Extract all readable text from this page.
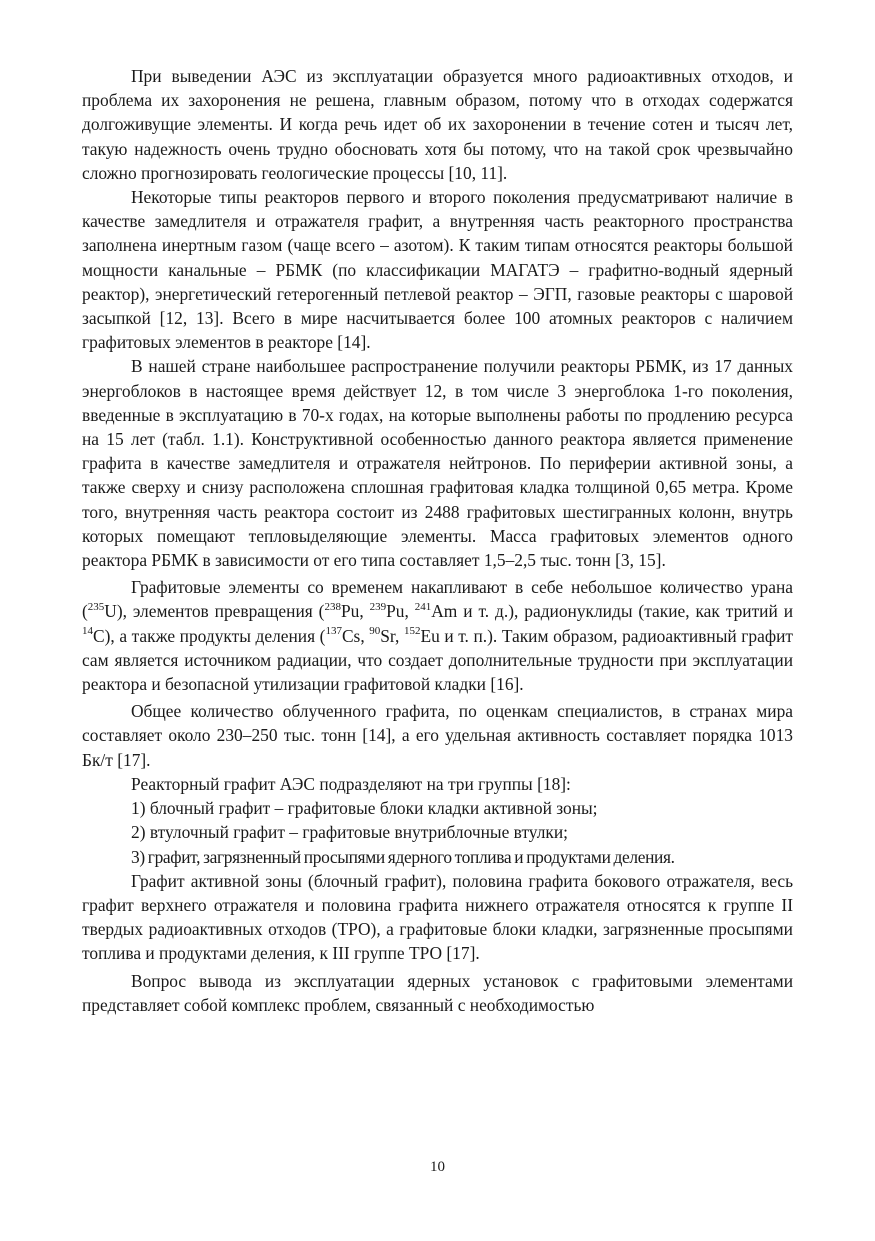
При выведении АЭС из эксплуатации образуется много радиоактивных отходов, и проблема их захоронения не решена, главным образом, потому что в отходах содержатся долгоживущие элементы. И когда речь идет об их захоронении в течение сотен и тысяч лет, такую надежность очень трудно обосновать хотя бы потому, что на такой срок чрезвычайно сложно прогнозировать геологические процессы [10, 11].

Некоторые типы реакторов первого и второго поколения предусматривают наличие в качестве замедлителя и отражателя графит, а внутренняя часть реакторного пространства заполнена инертным газом (чаще всего – азотом). К таким типам относятся реакторы большой мощности канальные – РБМК (по классификации МАГАТЭ – графитно-водный ядерный реактор), энергетический гетерогенный петлевой реактор – ЭГП, газовые реакторы с шаровой засыпкой [12, 13]. Всего в мире насчитывается более 100 атомных реакторов с наличием графитовых элементов в реакторе [14].

В нашей стране наибольшее распространение получили реакторы РБМК, из 17 данных энергоблоков в настоящее время действует 12, в том числе 3 энергоблока 1-го поколения, введенные в эксплуатацию в 70-х годах, на которые выполнены работы по продлению ресурса на 15 лет (табл. 1.1). Конструктивной особенностью данного реактора является применение графита в качестве замедлителя и отражателя нейтронов. По периферии активной зоны, а также сверху и снизу расположена сплошная графитовая кладка толщиной 0,65 метра. Кроме того, внутренняя часть реактора состоит из 2488 графитовых шестигранных колонн, внутрь которых помещают тепловыделяющие элементы. Масса графитовых элементов одного реактора РБМК в зависимости от его типа составляет 1,5–2,5 тыс. тонн [3, 15].

Графитовые элементы со временем накапливают в себе небольшое количество урана ($^{235}$U), элементов превращения ($^{238}$Pu, $^{239}$Pu, $^{241}$Am и т. д.), радионуклиды (такие, как тритий и $^{14}$С), а также продукты деления ($^{137}$Cs, $^{90}$Sr, $^{152}$Eu и т. п.). Таким образом, радиоактивный графит сам является источником радиации, что создает дополнительные трудности при эксплуатации реактора и безопасной утилизации графитовой кладки [16].

Общее количество облученного графита, по оценкам специалистов, в странах мира составляет около 230–250 тыс. тонн [14], а его удельная активность составляет порядка 1013 Бк/т [17].

Реакторный графит АЭС подразделяют на три группы [18]:

1) блочный графит – графитовые блоки кладки активной зоны;

2) втулочный графит – графитовые внутриблочные втулки;

3) графит, загрязненный просыпями ядерного топлива и продуктами деления.

Графит активной зоны (блочный графит), половина графита бокового отражателя, весь графит верхнего отражателя и половина графита нижнего отражателя относятся к группе II твердых радиоактивных отходов (ТРО), а графитовые блоки кладки, загрязненные просыпями топлива и продуктами деления, к III группе ТРО [17].

Вопрос вывода из эксплуатации ядерных установок с графитовыми элементами представляет собой комплекс проблем, связанный с необходимостью

10
